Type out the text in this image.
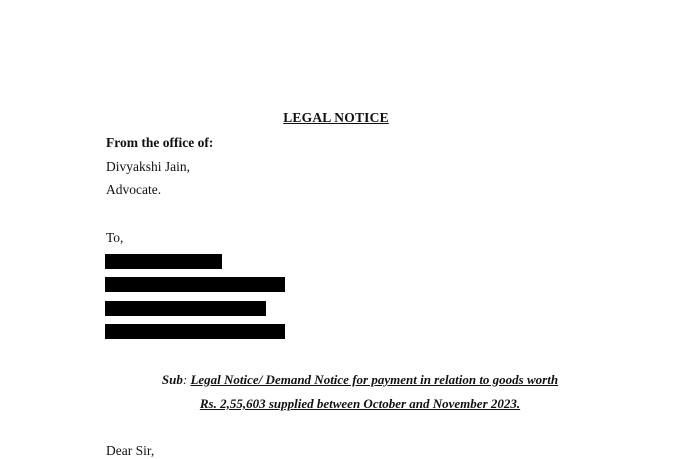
LEGAL NOTICE
From the office of:
Divyakshi Jain,
Advocate.
To,
Sub: Legal Notice/ Demand Notice for payment in relation to goods worth
Rs. 2,55,603 supplied between October and November 2023.
Dear Sir,
